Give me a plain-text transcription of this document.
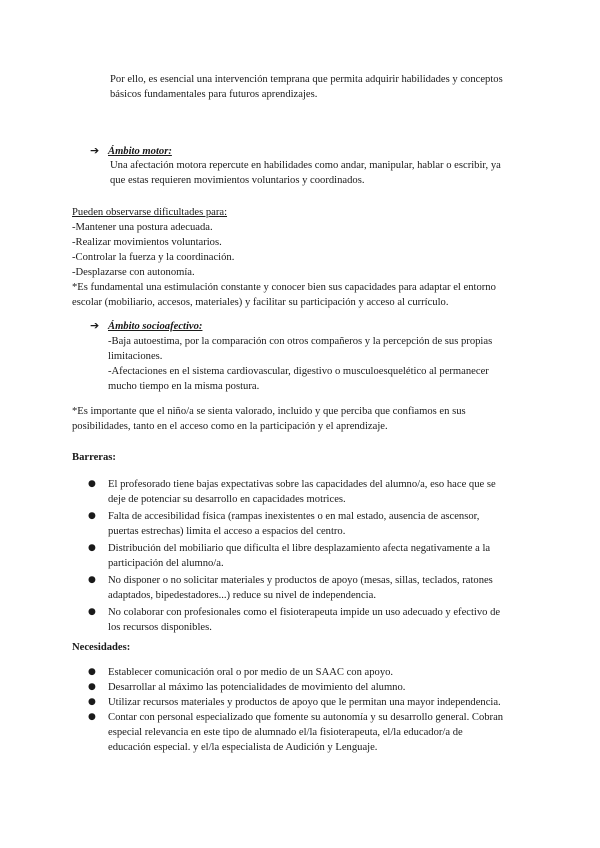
Por ello, es esencial una intervención temprana que permita adquirir habilidades y conceptos

básicos fundamentales para futuros aprendizajes.

➔ Ámbito motor:

Una afectación motora repercute en habilidades como andar, manipular, hablar o escribir, ya

que estas requieren movimientos voluntarios y coordinados.

Pueden observarse dificultades para:

-Mantener una postura adecuada.

-Realizar movimientos voluntarios.

-Controlar la fuerza y la coordinación.

-Desplazarse con autonomía.

*Es fundamental una estimulación constante y conocer bien sus capacidades para adaptar el entorno

escolar (mobiliario, accesos, materiales) y facilitar su participación y acceso al currículo.

➔ Ámbito socioafectivo:

-Baja autoestima, por la comparación con otros compañeros y la percepción de sus propias

limitaciones.

-Afectaciones en el sistema cardiovascular, digestivo o musculoesquelético al permanecer

mucho tiempo en la misma postura.

*Es importante que el niño/a se sienta valorado, incluido y que perciba que confiamos en sus

posibilidades, tanto en el acceso como en la participación y el aprendizaje.

Barreras:

● El profesorado tiene bajas expectativas sobre las capacidades del alumno/a, eso hace que se
deje de potenciar su desarrollo en capacidades motrices.
● Falta de accesibilidad física (rampas inexistentes o en mal estado, ausencia de ascensor,
puertas estrechas) limita el acceso a espacios del centro.
● Distribución del mobiliario que dificulta el libre desplazamiento afecta negativamente a la
participación del alumno/a.
● No disponer o no solicitar materiales y productos de apoyo (mesas, sillas, teclados, ratones
adaptados, bipedestadores...) reduce su nivel de independencia.
● No colaborar con profesionales como el fisioterapeuta impide un uso adecuado y efectivo de
los recursos disponibles.

Necesidades:

● Establecer comunicación oral o por medio de un SAAC con apoyo.
● Desarrollar al máximo las potencialidades de movimiento del alumno.
● Utilizar recursos materiales y productos de apoyo que le permitan una mayor independencia.
● Contar con personal especializado que fomente su autonomía y su desarrollo general. Cobran
especial relevancia en este tipo de alumnado el/la fisioterapeuta, el/la educador/a de
educación especial. y el/la especialista de Audición y Lenguaje.
